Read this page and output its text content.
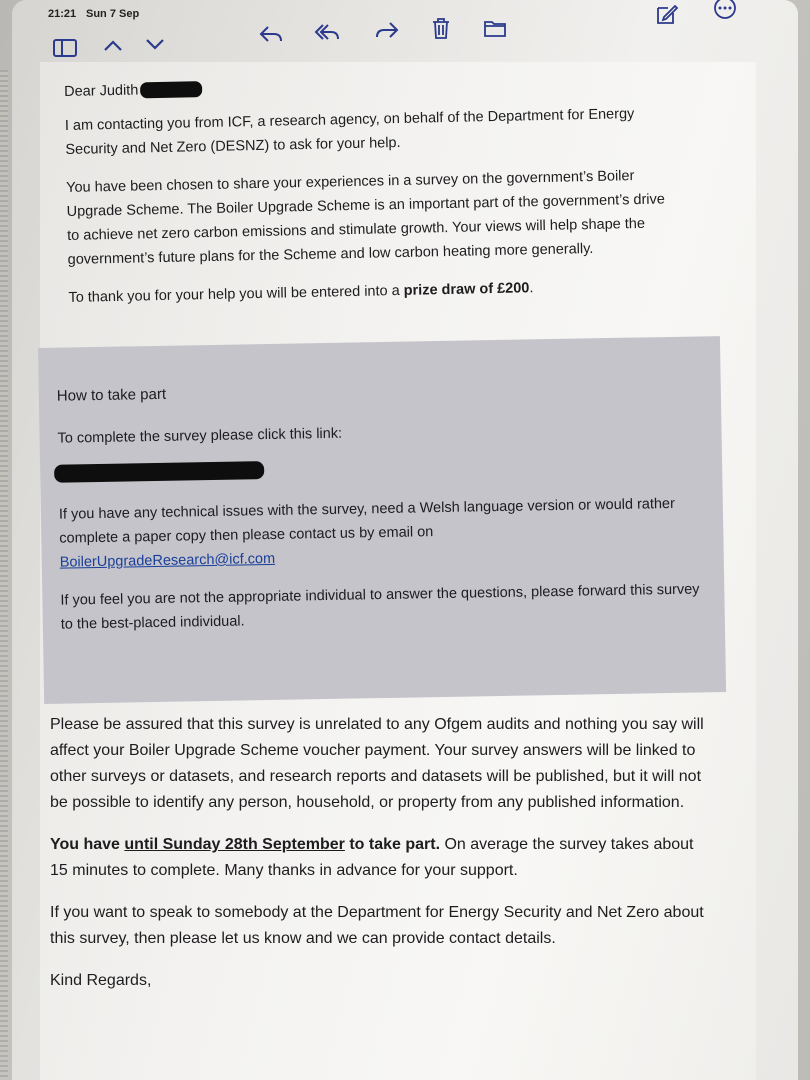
21:21 Sun 7 Sep
Dear Judith

I am contacting you from ICF, a research agency, on behalf of the Department for Energy Security and Net Zero (DESNZ) to ask for your help.

You have been chosen to share your experiences in a survey on the government’s Boiler Upgrade Scheme. The Boiler Upgrade Scheme is an important part of the government’s drive to achieve net zero carbon emissions and stimulate growth. Your views will help shape the government’s future plans for the Scheme and low carbon heating more generally.

To thank you for your help you will be entered into a prize draw of £200.

How to take part
To complete the survey please click this link:
If you have any technical issues with the survey, need a Welsh language version or would rather complete a paper copy then please contact us by email on
BoilerUpgradeResearch@icf.com
If you feel you are not the appropriate individual to answer the questions, please forward this survey to the best-placed individual.

Please be assured that this survey is unrelated to any Ofgem audits and nothing you say will affect your Boiler Upgrade Scheme voucher payment. Your survey answers will be linked to other surveys or datasets, and research reports and datasets will be published, but it will not be possible to identify any person, household, or property from any published information.

You have until Sunday 28th September to take part. On average the survey takes about 15 minutes to complete. Many thanks in advance for your support.

If you want to speak to somebody at the Department for Energy Security and Net Zero about this survey, then please let us know and we can provide contact details.

Kind Regards,
